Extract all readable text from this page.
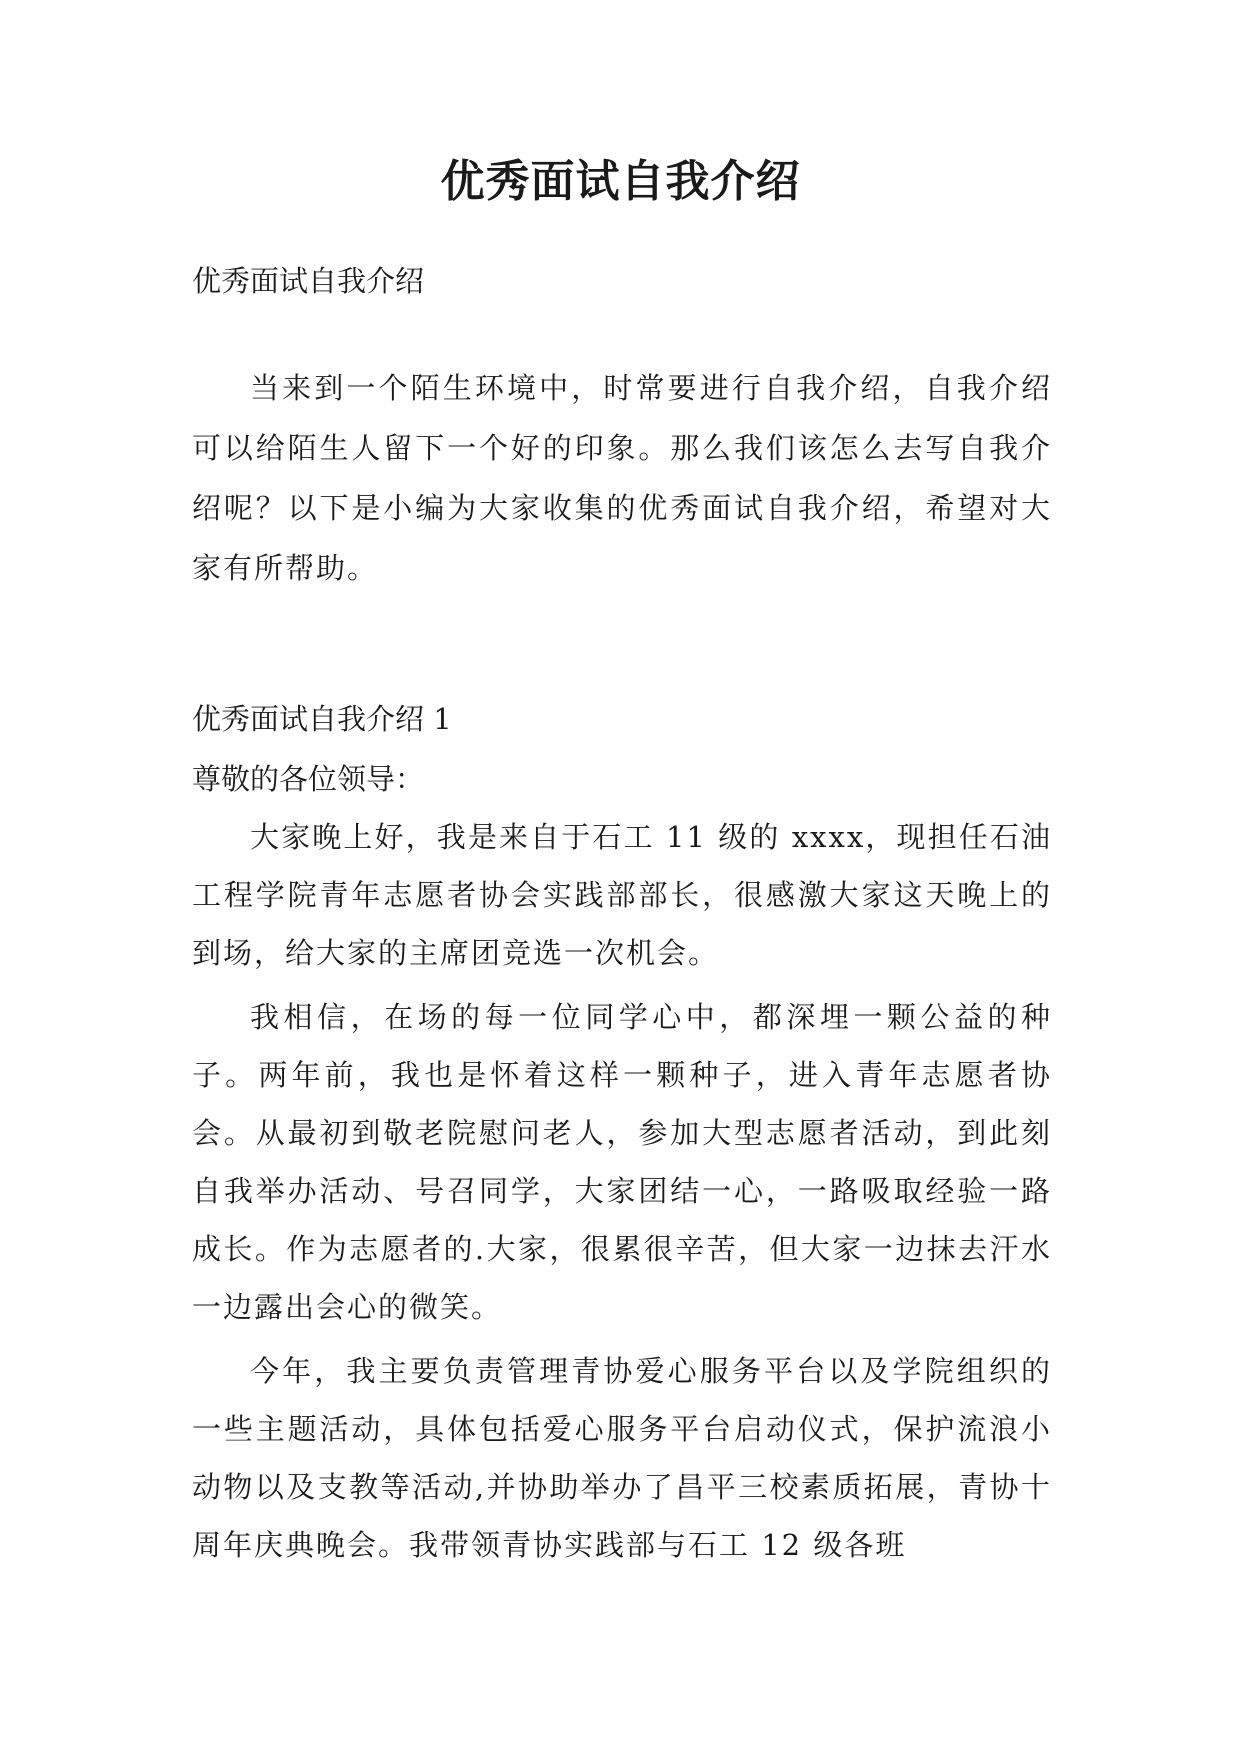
优秀面试自我介绍

优秀面试自我介绍

当来到一个陌生环境中，时常要进行自我介绍，自我介绍可以给陌生人留下一个好的印象。那么我们该怎么去写自我介绍呢？以下是小编为大家收集的优秀面试自我介绍，希望对大家有所帮助。

优秀面试自我介绍 1

尊敬的各位领导：

大家晚上好，我是来自于石工 11 级的 xxxx，现担任石油工程学院青年志愿者协会实践部部长，很感激大家这天晚上的到场，给大家的主席团竞选一次机会。

我相信，在场的每一位同学心中，都深埋一颗公益的种子。两年前，我也是怀着这样一颗种子，进入青年志愿者协会。从最初到敬老院慰问老人，参加大型志愿者活动，到此刻自我举办活动、号召同学，大家团结一心，一路吸取经验一路成长。作为志愿者的.大家，很累很辛苦，但大家一边抹去汗水一边露出会心的微笑。

今年，我主要负责管理青协爱心服务平台以及学院组织的一些主题活动，具体包括爱心服务平台启动仪式，保护流浪小动物以及支教等活动,并协助举办了昌平三校素质拓展，青协十周年庆典晚会。我带领青协实践部与石工 12 级各班
